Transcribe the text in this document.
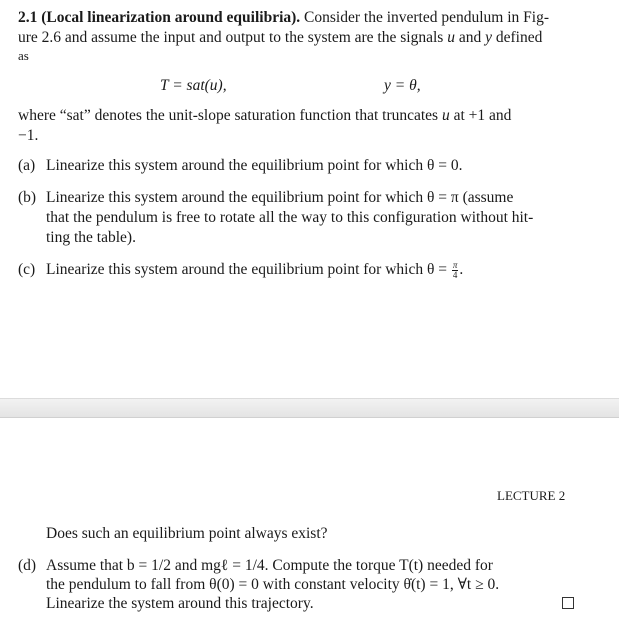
2.1 (Local linearization around equilibria). Consider the inverted pendulum in Fig-
ure 2.6 and assume the input and output to the system are the signals u and y defined
as
T = sat(u),	y = θ,
where “sat” denotes the unit-slope saturation function that truncates u at +1 and
−1.
(a) Linearize this system around the equilibrium point for which θ = 0.
(b) Linearize this system around the equilibrium point for which θ = π (assume
that the pendulum is free to rotate all the way to this configuration without hit-
ting the table).
(c) Linearize this system around the equilibrium point for which $\theta = \frac{\pi}{4}$ .
LECTURE 2
Does such an equilibrium point always exist?
(d) Assume that b = 1/2 and mgℓ = 1/4. Compute the torque T(t) needed for
the pendulum to fall from θ(0) = 0 with constant velocity θ̇(t) = 1, ∀t ≥ 0.
Linearize the system around this trajectory.
